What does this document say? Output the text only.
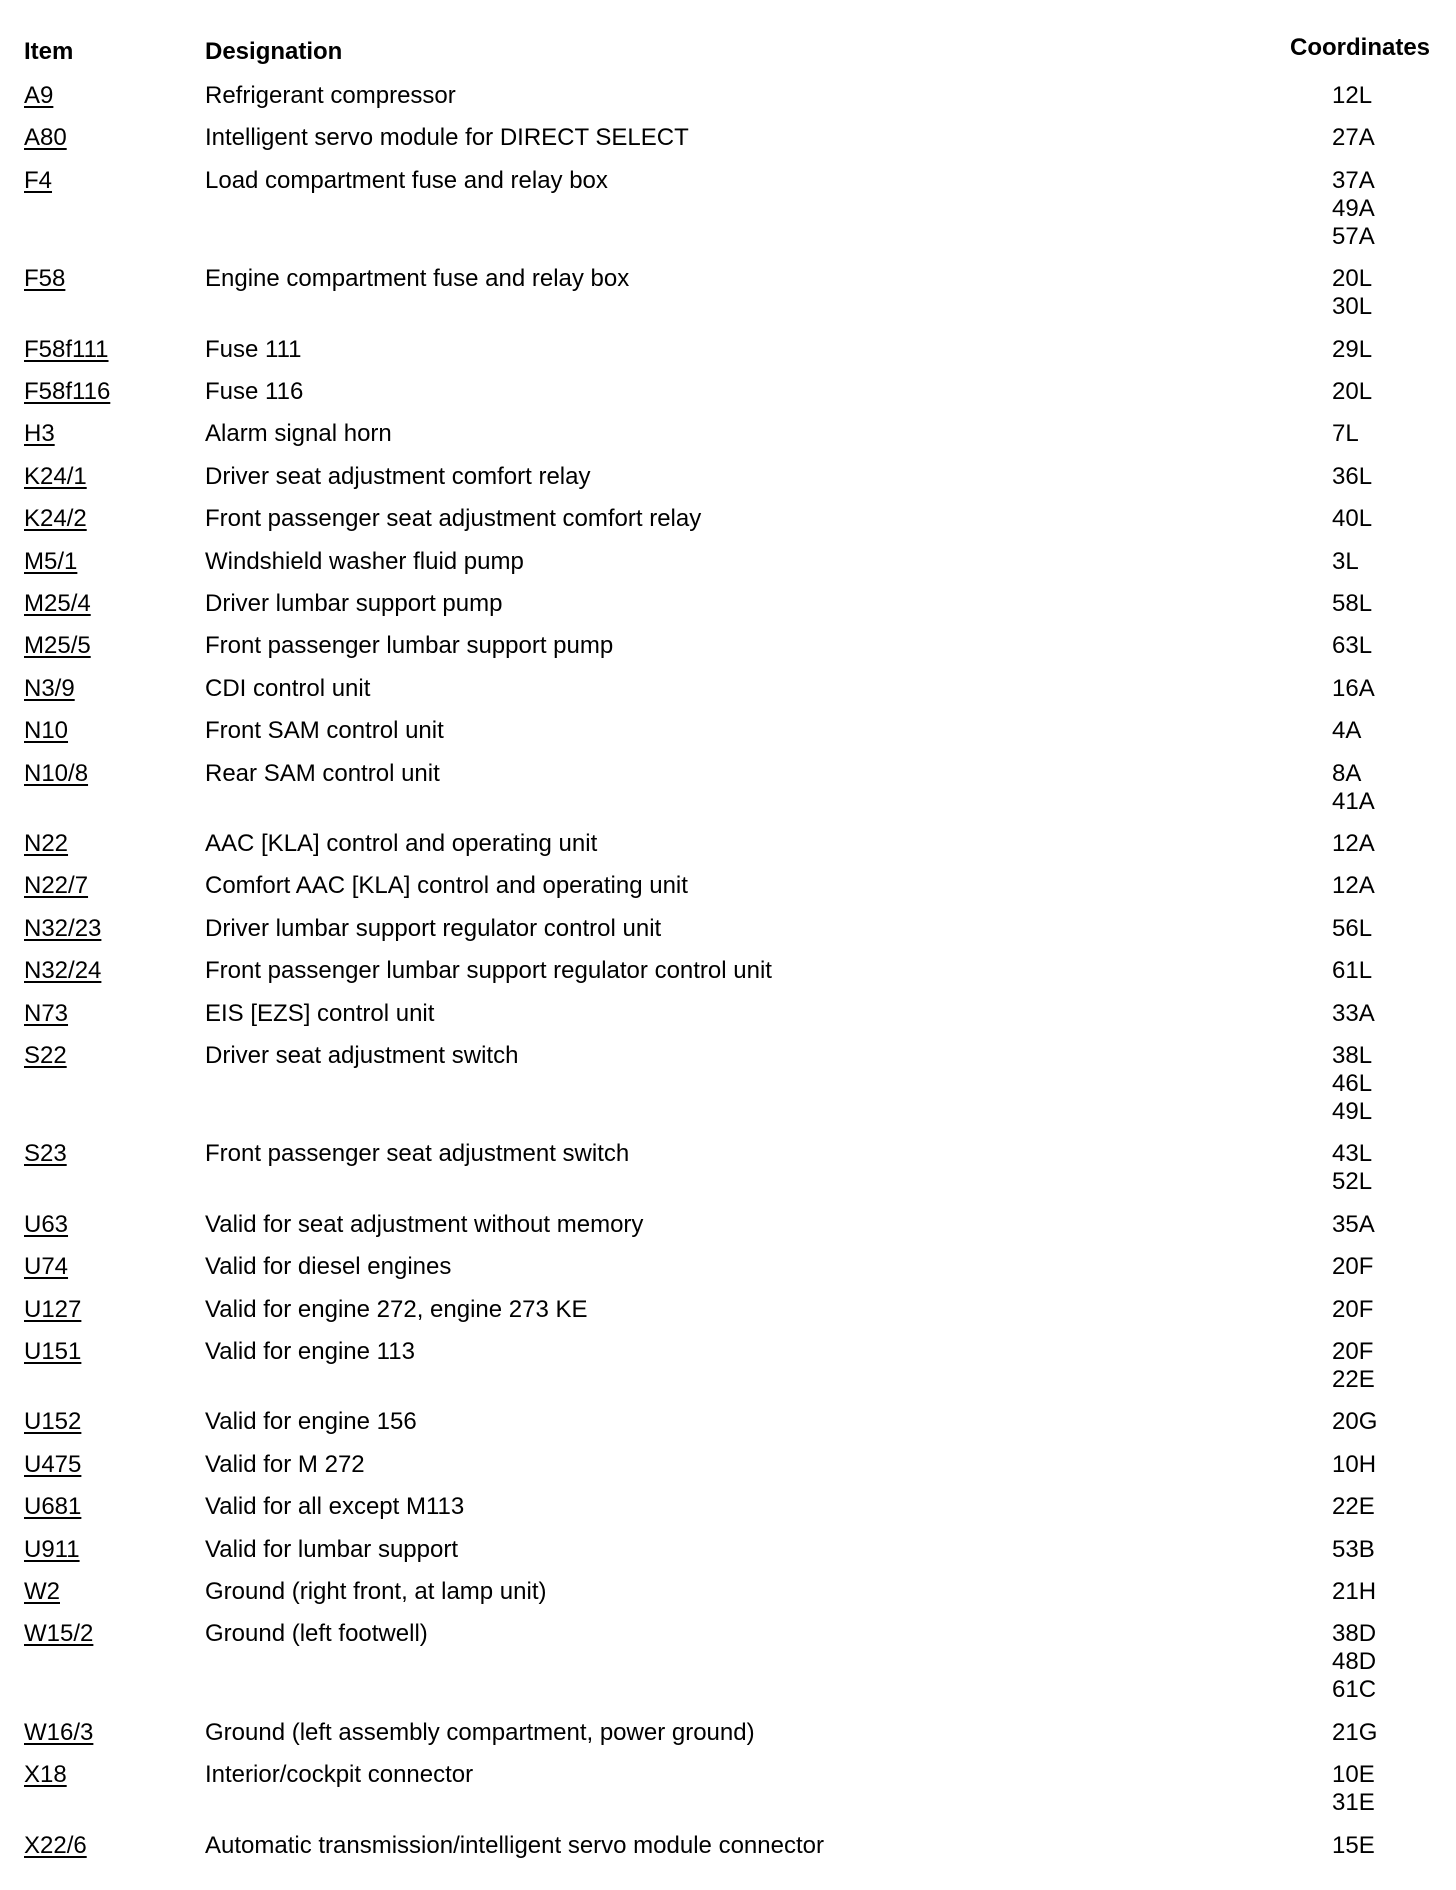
Item	Designation	Coordinates
A9	Refrigerant compressor	12L
A80	Intelligent servo module for DIRECT SELECT	27A
F4	Load compartment fuse and relay box	37A
49A
57A
F58	Engine compartment fuse and relay box	20L
30L
F58f111	Fuse 111	29L
F58f116	Fuse 116	20L
H3	Alarm signal horn	7L
K24/1	Driver seat adjustment comfort relay	36L
K24/2	Front passenger seat adjustment comfort relay	40L
M5/1	Windshield washer fluid pump	3L
M25/4	Driver lumbar support pump	58L
M25/5	Front passenger lumbar support pump	63L
N3/9	CDI control unit	16A
N10	Front SAM control unit	4A
N10/8	Rear SAM control unit	8A
41A
N22	AAC [KLA] control and operating unit	12A
N22/7	Comfort AAC [KLA] control and operating unit	12A
N32/23	Driver lumbar support regulator control unit	56L
N32/24	Front passenger lumbar support regulator control unit	61L
N73	EIS [EZS] control unit	33A
S22	Driver seat adjustment switch	38L
46L
49L
S23	Front passenger seat adjustment switch	43L
52L
U63	Valid for seat adjustment without memory	35A
U74	Valid for diesel engines	20F
U127	Valid for engine 272, engine 273 KE	20F
U151	Valid for engine 113	20F
22E
U152	Valid for engine 156	20G
U475	Valid for M 272	10H
U681	Valid for all except M113	22E
U911	Valid for lumbar support	53B
W2	Ground (right front, at lamp unit)	21H
W15/2	Ground (left footwell)	38D
48D
61C
W16/3	Ground (left assembly compartment, power ground)	21G
X18	Interior/cockpit connector	10E
31E
X22/6	Automatic transmission/intelligent servo module connector	15E
